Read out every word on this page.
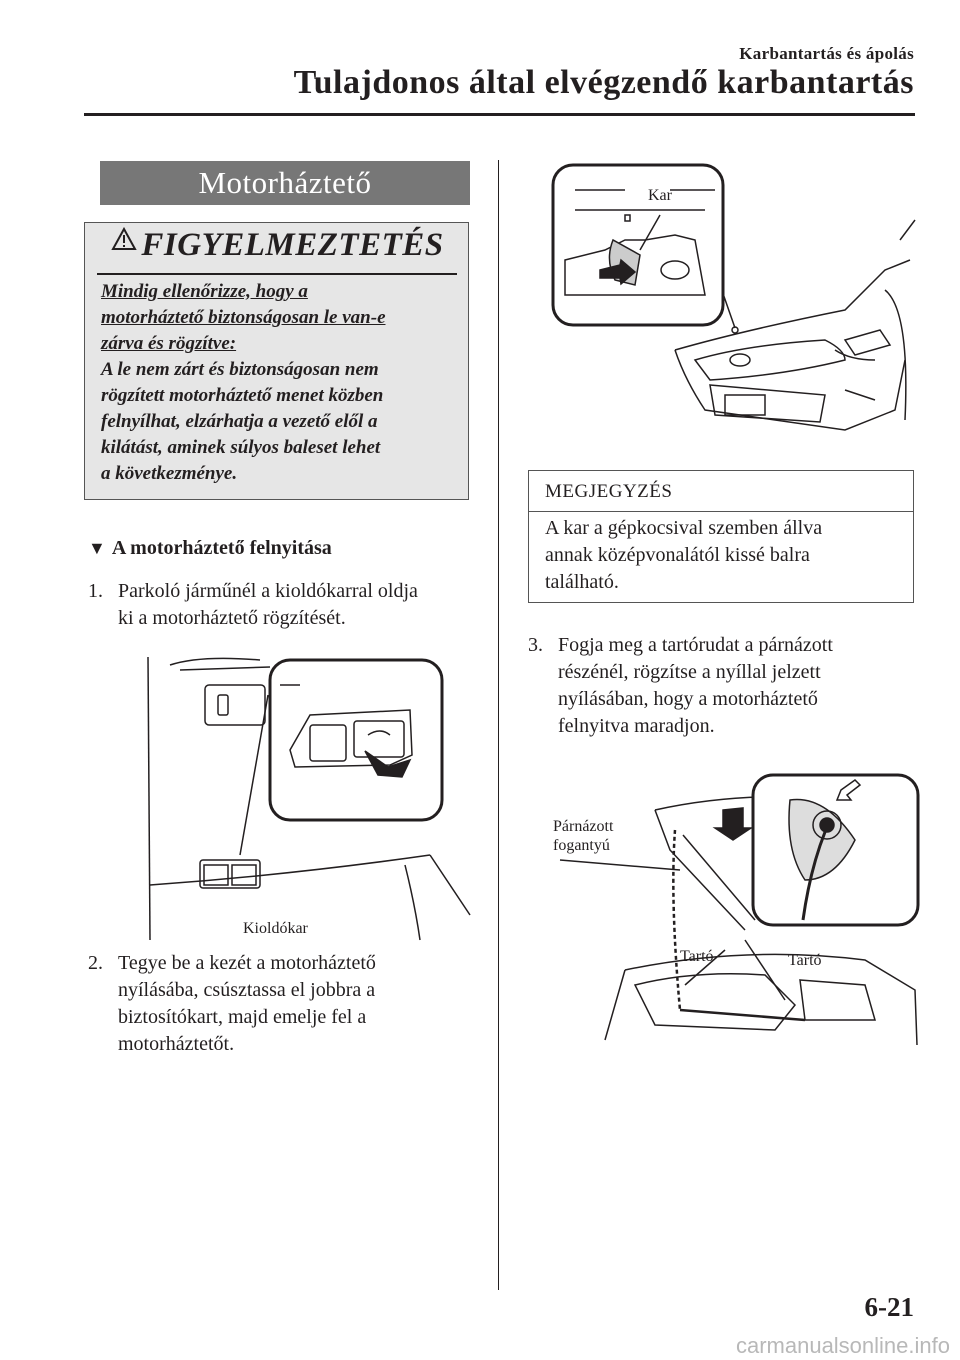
Karbantartás és ápolás
Tulajdonos által elvégzendő karbantartás
Motorháztető
FIGYELMEZTETÉS
Mindig ellenőrizze, hogy a
motorháztető biztonságosan le van-e
zárva és rögzítve:
A le nem zárt és biztonságosan nem
rögzített motorháztető menet közben
felnyílhat, elzárhatja a vezető elől a
kilátást, aminek súlyos baleset lehet
a következménye.
▼ A motorháztető felnyitása
1. Parkoló járműnél a kioldókarral oldja
ki a motorháztető rögzítését.
Kioldókar
2. Tegye be a kezét a motorháztető
nyílásába, csúsztassa el jobbra a
biztosítókart, majd emelje fel a
motorháztetőt.
Kar
MEGJEGYZÉS
A kar a gépkocsival szemben állva
annak középvonalától kissé balra
található.
3. Fogja meg a tartórudat a párnázott
részénél, rögzítse a nyíllal jelzett
nyílásában, hogy a motorháztető
felnyitva maradjon.
Párnázott
fogantyú
Tartó	Tartó
6-21
carmanualsonline.info
